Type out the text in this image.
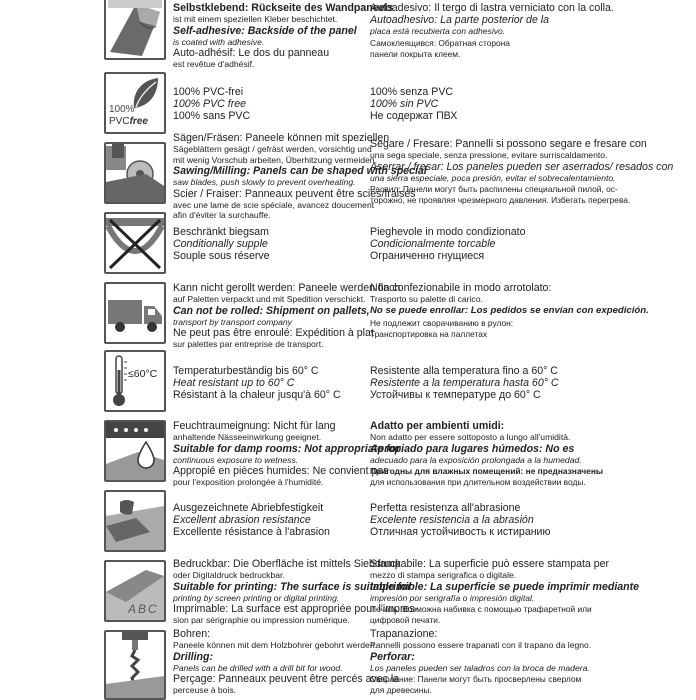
Selbstklebend: Rückseite des Wandpaneels
ist mit einem speziellen Kleber beschichtet.
Self-adhesive: Backside of the panel
is coated with adhesive.
Auto-adhésif: Le dos du panneau
est revêtue d'adhésif.
Autoadesivo: Il tergo di lastra verniciato con la colla.
Autoadhesivo: La parte posterior de la
placa está recubierta con adhesivo.
Самоклеящився: Обратная сторона
панели покрыта клеем.
100%
PVCfree
100% PVC-frei
100% PVC free
100% sans PVC
100% senza PVC
100% sin PVC
Не содержат ПВХ
Sägen/Fräsen: Paneele können mit speziellen
Sägeblättern gesägt / gefräst werden, vorsichtig und
mit wenig Vorschub arbeiten, Überhitzung vermeiden.
Sawing/Milling: Panels can be shaped with special
saw blades, push slowly to prevent overheating.
Scier / Fraiser: Panneaux peuvent être sciés/fraisés
avec une lame de scie spéciale, avancez doucement
afin d'éviter la surchauffe.
Segare / Fresare: Pannelli si possono segare e fresare con
una sega speciale, senza pressione, evitare surriscaldamento.
Aserrar / fresar: Los paneles pueden ser aserrados/ resados con
una sierra especiale, poca presión, evitar el sobrecalentamiento.
Распил: Панели могут быть распилены специальной пилой, ос-
торожно, не проявляя чрезмерного давления. Избегать перегрева.
Beschränkt biegsam
Conditionally supple
Souple sous réserve
Pieghevole in modo condizionato
Condicionalmente torcable
Ограниченно гнущиеся
Kann nicht gerollt werden: Paneele werden flach
auf Paletten verpackt und mit Spedition verschickt.
Can not be rolled: Shipment on pallets,
transport by transport company
Ne peut pas être enroulé: Expédition à plat
sur palettes par entreprise de transport.
Non confezionabile in modo arrotolato:
Trasporto su palette di carico.
No se puede enrollar: Los pedidos se envían con expedición.
Не подлежит сворачиванию в рулон:
Транспортировка на паллетах
≤60°C Temperaturbeständig bis 60° C
Heat resistant up to 60° C
Résistant à la chaleur jusqu'à 60° C
Resistente alla temperatura fino a 60° C
Resistente a la temperatura hasta 60° C
Устойчивы к температуре до 60° C
Feuchtraumeignung: Nicht für lang
anhaltende Nässeeinwirkung geeignet.
Suitable for damp rooms: Not appropriate for
continuous exposure to wetness.
Appropié en pièces humides: Ne convient pas
pour l'exposition prolongée à l'humidité.
Adatto per ambienti umidi:
Non adatto per essere sottoposto a lungo all'umidità.
Apropiado para lugares húmedos: No es
adecuado para la exposición prolongada a la humedad.
Пригодны для влажных помещений: не предназначены
для использования при длительном воздействии воды.
Ausgezeichnete Abriebfestigkeit
Excellent abrasion resistance
Excellente résistance à l'abrasion
Perfetta resistenza all'abrasione
Excelente resistencia a la abrasión
Отличная устойчивость к истиранию
ABC
Bedruckbar: Die Oberfläche ist mittels Siebdruck
oder Digitaldruck bedruckbar.
Suitable for printing: The surface is suitable for
printing by screen printing or digital printing.
Imprimable: La surface est appropriée pour l'impres-
sion par sérigraphie ou impression numérique.
Stampabile: La superficie può essere stampata per
mezzo di stampa serigrafica o digitale.
Imprimible: La superficie se puede imprimir mediante
impresión por serigrafía o impresión digital.
Печать: Возможна набивка с помощью трафаретной или
цифровой печати.
Bohren:
Paneele können mit dem Holzbohrer gebohrt werden.
Drilling:
Panels can be drilled with a drill bit for wood.
Perçage: Panneaux peuvent être percés avec la
perceuse à bois.
Trapanazione:
Pannelli possono essere trapanati con il trapano da legno.
Perforar:
Los paneles pueden ser taladros con la broca de madera.
Сверление: Панели могут быть просверлены сверлом
для древесины.
